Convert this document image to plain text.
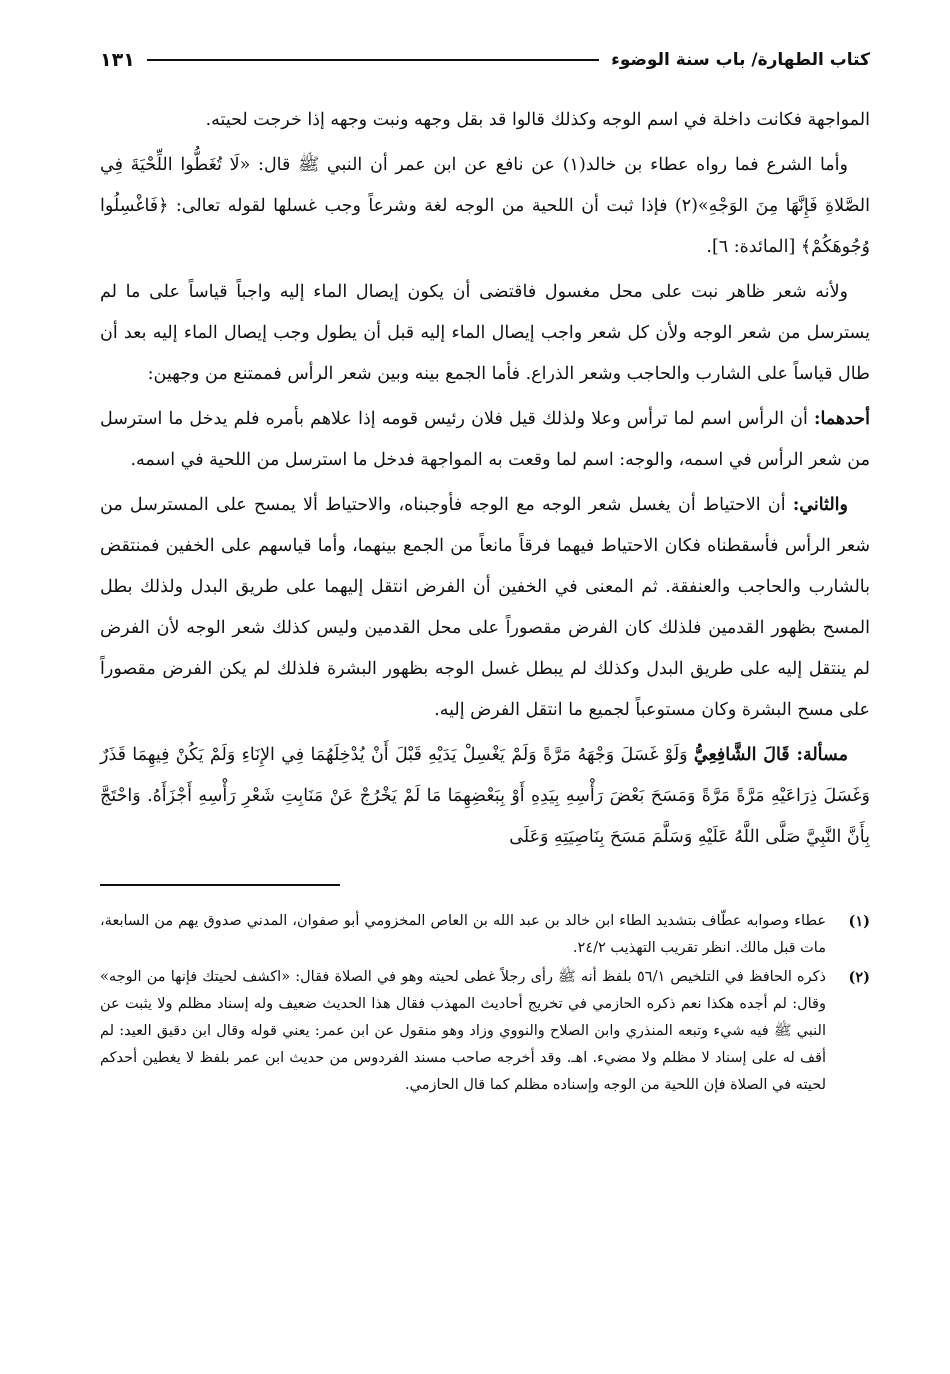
كتاب الطهارة/ باب سنة الوضوء
١٣١

المواجهة فكانت داخلة في اسم الوجه وكذلك قالوا قد بقل وجهه ونبت وجهه إذا خرجت لحيته.

وأما الشرع فما رواه عطاء بن خالد(١) عن نافع عن ابن عمر أن النبي ﷺ قال: «لَا تُغَطُّوا اللِّحْيَةَ فِي الصَّلاةِ فَإِنَّهَا مِنَ الوَجْهِ»(٢) فإذا ثبت أن اللحية من الوجه لغة وشرعاً وجب غسلها لقوله تعالى: ﴿فَاغْسِلُوا وُجُوهَكُمْ﴾ [المائدة: ٦].

ولأنه شعر ظاهر نبت على محل مغسول فاقتضى أن يكون إيصال الماء إليه واجباً قياساً على ما لم يسترسل من شعر الوجه ولأن كل شعر واجب إيصال الماء إليه قبل أن يطول وجب إيصال الماء إليه بعد أن طال قياساً على الشارب والحاجب وشعر الذراع. فأما الجمع بينه وبين شعر الرأس فممتنع من وجهين:

أحدهما: أن الرأس اسم لما ترأس وعلا ولذلك قيل فلان رئيس قومه إذا علاهم بأمره فلم يدخل ما استرسل من شعر الرأس في اسمه، والوجه: اسم لما وقعت به المواجهة فدخل ما استرسل من اللحية في اسمه.

والثاني: أن الاحتياط أن يغسل شعر الوجه مع الوجه فأوجبناه، والاحتياط ألا يمسح على المسترسل من شعر الرأس فأسقطناه فكان الاحتياط فيهما فرقاً مانعاً من الجمع بينهما، وأما قياسهم على الخفين فمنتقض بالشارب والحاجب والعنفقة. ثم المعنى في الخفين أن الفرض انتقل إليهما على طريق البدل ولذلك بطل المسح بظهور القدمين فلذلك كان الفرض مقصوراً على محل القدمين وليس كذلك شعر الوجه لأن الفرض لم ينتقل إليه على طريق البدل وكذلك لم يبطل غسل الوجه بظهور البشرة فلذلك لم يكن الفرض مقصوراً على مسح البشرة وكان مستوعباً لجميع ما انتقل الفرض إليه.

مسألة: قَالَ الشَّافِعِيُّ وَلَوْ غَسَلَ وَجْهَهُ مَرَّةً وَلَمْ يَغْسِلْ يَدَيْهِ قَبْلَ أَنْ يُدْخِلَهُمَا فِي الإِنَاءِ وَلَمْ يَكُنْ فِيهِمَا قَذَرٌ وَغَسَلَ ذِرَاعَيْهِ مَرَّةً مَرَّةً وَمَسَحَ بَعْضَ رَأْسِهِ بِيَدِهِ أَوْ بِبَعْضِهِمَا مَا لَمْ يَخْرُجْ عَنْ مَنَابِتِ شَعْرِ رَأْسِهِ أَجْزَأَهُ. وَاحْتَجَّ بِأَنَّ النَّبِيَّ صَلَّى اللَّهُ عَلَيْهِ وَسَلَّمَ مَسَحَ بِنَاصِيَتِهِ وَعَلَى

(١)
عطاء وصوابه عطّاف بتشديد الطاء ابن خالد بن عبد الله بن العاص المخزومي أبو صفوان، المدني صدوق يهم من السابعة، مات قبل مالك. انظر تقريب التهذيب ٢٤/٢.
(٢)
ذكره الحافظ في التلخيص ٥٦/١ بلفظ أنه ﷺ رأى رجلاً غطى لحيته وهو في الصلاة فقال: «اكشف لحيتك فإنها من الوجه» وقال: لم أجده هكذا نعم ذكره الحازمي في تخريج أحاديث المهذب فقال هذا الحديث ضعيف وله إسناد مظلم ولا يثبت عن النبي ﷺ فيه شيء وتبعه المنذري وابن الصلاح والنووي وزاد وهو منقول عن ابن عمر: يعني قوله وقال ابن دقيق العيد: لم أقف له على إسناد لا مظلم ولا مضيء. اهـ. وقد أخرجه صاحب مسند الفردوس من حديث ابن عمر بلفظ لا يغطين أحدكم لحيته في الصلاة فإن اللحية من الوجه وإسناده مظلم كما قال الحازمي.
